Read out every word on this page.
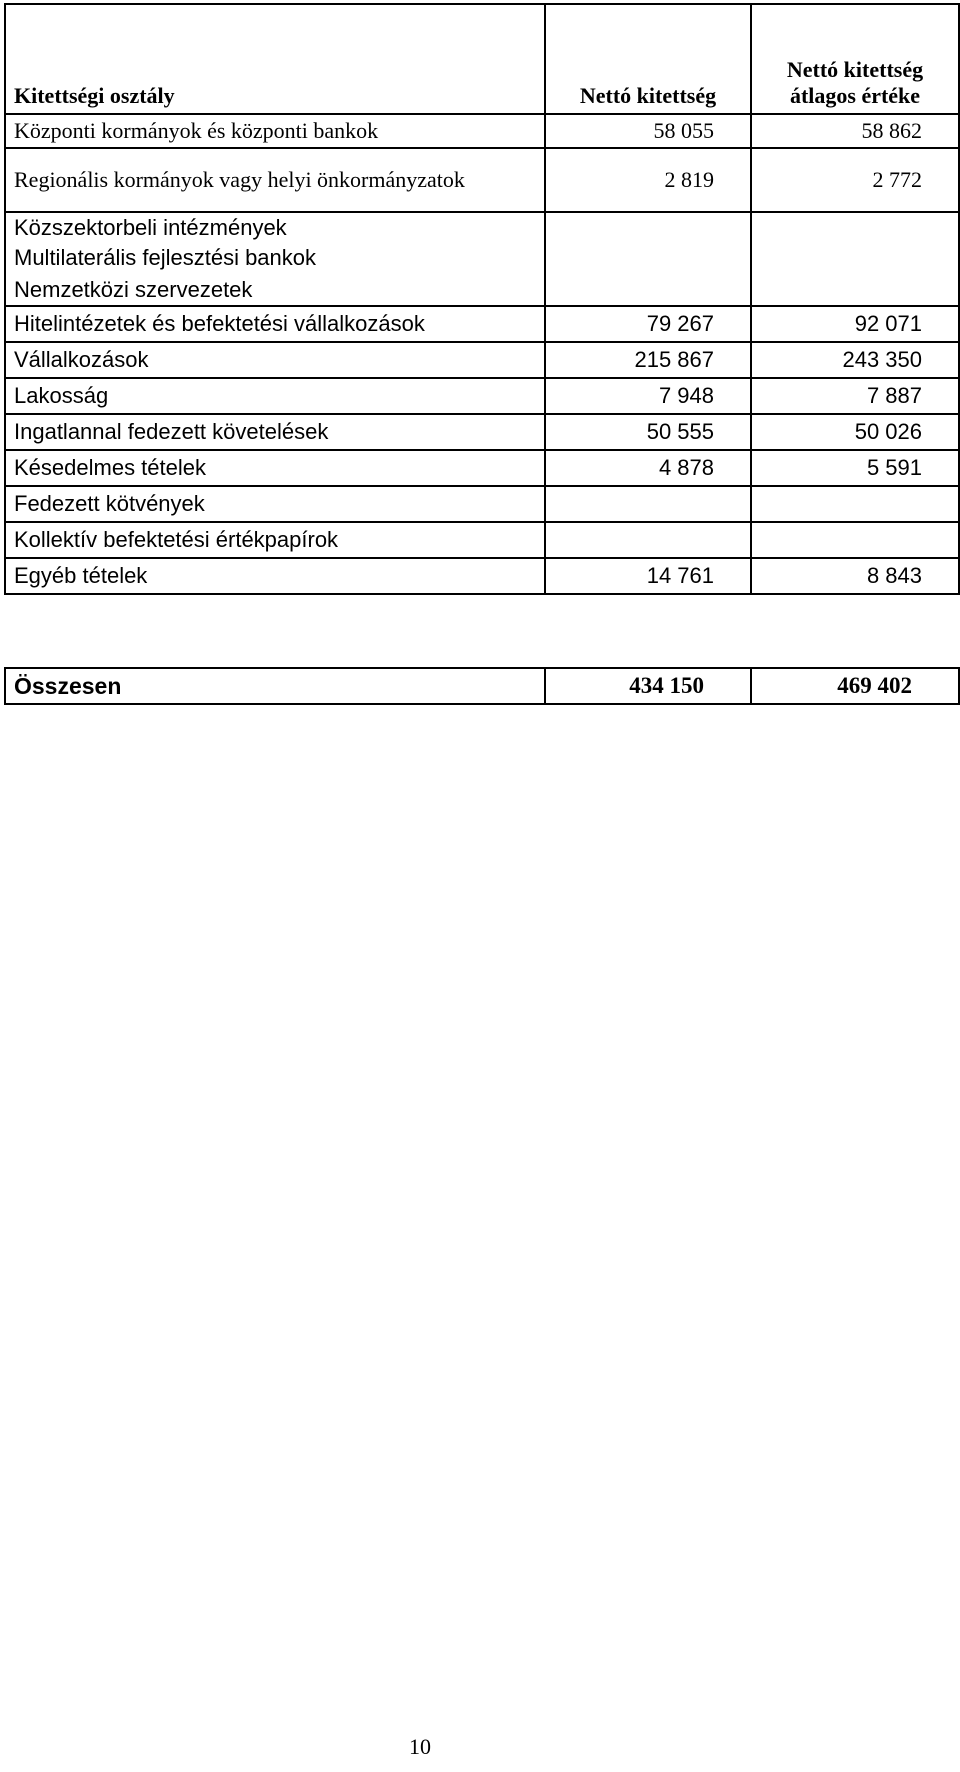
Kitettségi osztály	Nettó kitettség	Nettó kitettség
átlagos értéke

Központi kormányok és központi bankok	58 055	58 862
Regionális kormányok vagy helyi önkormányzatok	2 819	2 772
Közszektorbeli intézmények		
Multilaterális fejlesztési bankok		
Nemzetközi szervezetek		
Hitelintézetek és befektetési vállalkozások	79 267	92 071
Vállalkozások	215 867	243 350
Lakosság	7 948	7 887
Ingatlannal fedezett követelések	50 555	50 026
Késedelmes tételek	4 878	5 591
Fedezett kötvények		
Kollektív befektetési értékpapírok		
Egyéb tételek	14 761	8 843
Összesen	434 150	469 402
10
